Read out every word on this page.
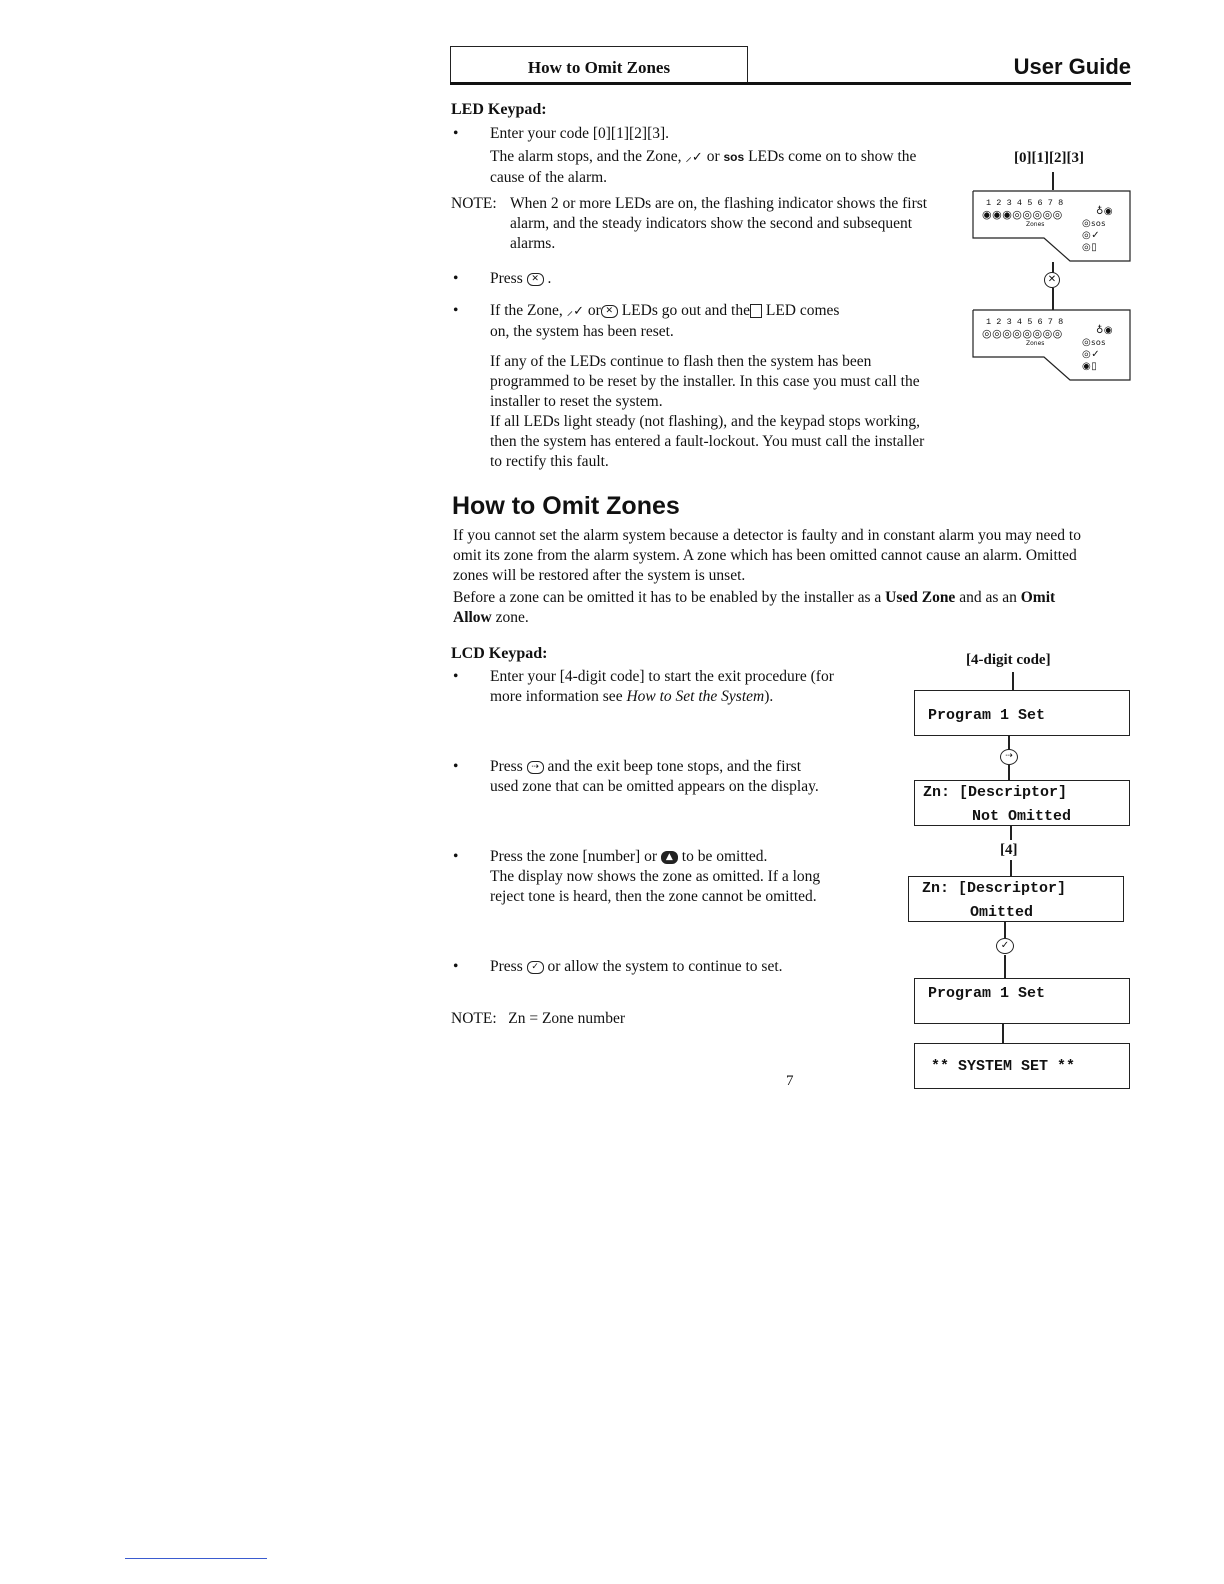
How to Omit Zones	User Guide
LED Keypad:
• Enter your code [0][1][2][3].
The alarm stops, and the Zone, ⸝✓ or sos LEDs come on to show the
cause of the alarm.
NOTE: When 2 or more LEDs are on, the flashing indicator shows the first
alarm, and the steady indicators show the second and subsequent
alarms.
• Press ✕ .
• If the Zone, ⸝✓ or ✕ LEDs go out and the LED comes
on, the system has been reset.
If any of the LEDs continue to flash then the system has been
programmed to be reset by the installer. In this case you must call the
installer to reset the system.
If all LEDs light steady (not flashing), and the keypad stops working,
then the system has entered a fault-lockout. You must call the installer
to rectify this fault.
[0][1][2][3]
12345678
◉◉◉◎◎◎◎◎
Zones
♁◉
◎sos
◎✓
◎▯
✕
12345678
◎◎◎◎◎◎◎◎
Zones
♁◉
◎sos
◎✓
◉▯
How to Omit Zones
If you cannot set the alarm system because a detector is faulty and in constant alarm you may need to
omit its zone from the alarm system. A zone which has been omitted cannot cause an alarm. Omitted
zones will be restored after the system is unset.
Before a zone can be omitted it has to be enabled by the installer as a Used Zone and as an Omit
Allow zone.
LCD Keypad:
• Enter your [4-digit code] to start the exit procedure (for
more information see How to Set the System).
• Press ⇢ and the exit beep tone stops, and the first
used zone that can be omitted appears on the display.
• Press the zone [number] or ▲ to be omitted.
The display now shows the zone as omitted. If a long
reject tone is heard, then the zone cannot be omitted.
• Press ✓ or allow the system to continue to set.
NOTE:   Zn = Zone number
[4-digit code]
Program 1 Set
⇢
Zn: [Descriptor]
Not Omitted
[4]
Zn: [Descriptor]
Omitted
✓
Program 1 Set
** SYSTEM SET **
7
